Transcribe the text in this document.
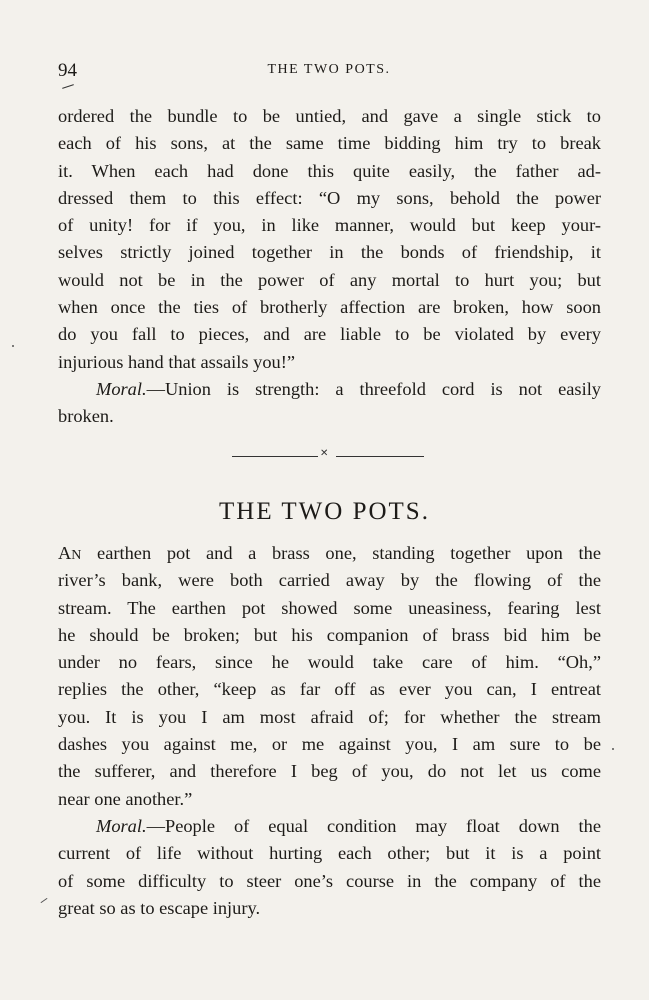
94	THE TWO POTS.
ordered the bundle to be untied, and gave a single stick to
each of his sons, at the same time bidding him try to break
it. When each had done this quite easily, the father ad-
dressed them to this effect: “O my sons, behold the power
of unity! for if you, in like manner, would but keep your-
selves strictly joined together in the bonds of friendship, it
would not be in the power of any mortal to hurt you; but
when once the ties of brotherly affection are broken, how soon
do you fall to pieces, and are liable to be violated by every
injurious hand that assails you!”
Moral.—Union is strength: a threefold cord is not easily
broken.
✕
THE TWO POTS.
AN earthen pot and a brass one, standing together upon the
river’s bank, were both carried away by the flowing of the
stream. The earthen pot showed some uneasiness, fearing lest
he should be broken; but his companion of brass bid him be
under no fears, since he would take care of him. “Oh,”
replies the other, “keep as far off as ever you can, I entreat
you. It is you I am most afraid of; for whether the stream
dashes you against me, or me against you, I am sure to be
the sufferer, and therefore I beg of you, do not let us come
near one another.”
Moral.—People of equal condition may float down the
current of life without hurting each other; but it is a point
of some difficulty to steer one’s course in the company of the
great so as to escape injury.
